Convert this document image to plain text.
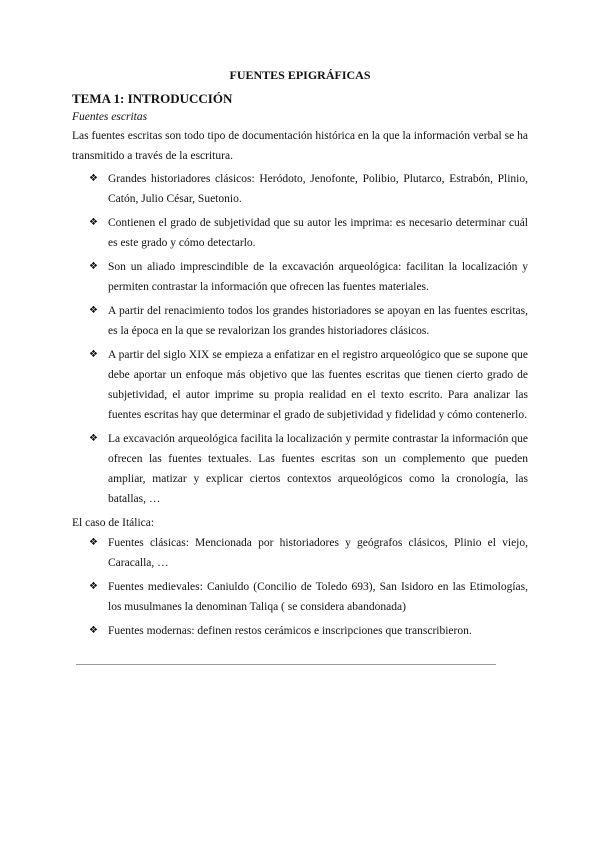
FUENTES EPIGRÁFICAS
TEMA 1: INTRODUCCIÓN
Fuentes escritas

Las fuentes escritas son todo tipo de documentación histórica en la que la información verbal se ha transmitido a través de la escritura.

❖ Grandes historiadores clásicos: Heródoto, Jenofonte, Polibio, Plutarco, Estrabón, Plinio, Catón, Julio César, Suetonio.
❖ Contienen el grado de subjetividad que su autor les imprima: es necesario determinar cuál es este grado y cómo detectarlo.
❖ Son un aliado imprescindible de la excavación arqueológica: facilitan la localización y permiten contrastar la información que ofrecen las fuentes materiales.
❖ A partir del renacimiento todos los grandes historiadores se apoyan en las fuentes escritas, es la época en la que se revalorizan los grandes historiadores clásicos.
❖ A partir del siglo XIX se empieza a enfatizar en el registro arqueológico que se supone que debe aportar un enfoque más objetivo que las fuentes escritas que tienen cierto grado de subjetividad, el autor imprime su propia realidad en el texto escrito. Para analizar las fuentes escritas hay que determinar el grado de subjetividad y fidelidad y cómo contenerlo.
❖ La excavación arqueológica facilita la localización y permite contrastar la información que ofrecen las fuentes textuales. Las fuentes escritas son un complemento que pueden ampliar, matizar y explicar ciertos contextos arqueológicos como la cronología, las batallas, …

El caso de Itálica:

❖ Fuentes clásicas: Mencionada por historiadores y geógrafos clásicos, Plinio el viejo, Caracalla, …
❖ Fuentes medievales: Caniuldo (Concilio de Toledo 693), San Isidoro en las Etimologías, los musulmanes la denominan Taliqa ( se considera abandonada)
❖ Fuentes modernas: definen restos cerámicos e inscripciones que transcribieron.
